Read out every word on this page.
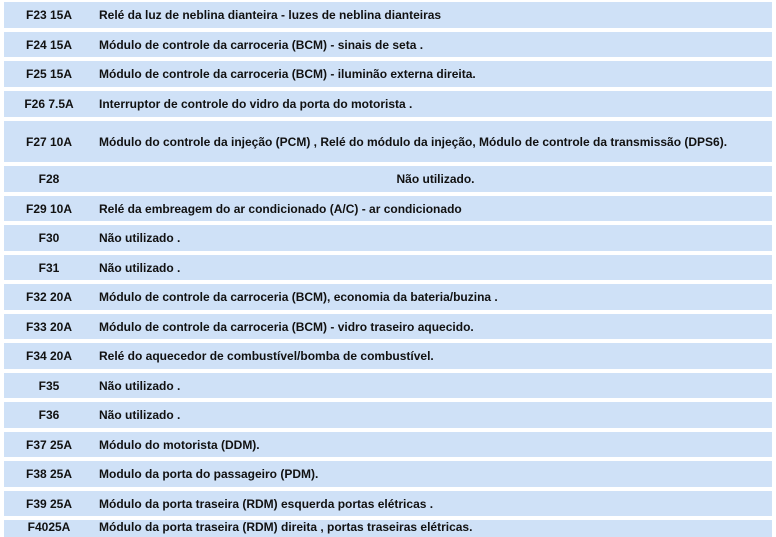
F23 15A	Relé da luz de neblina dianteira - luzes de neblina dianteiras
F24 15A	Módulo de controle da carroceria (BCM) - sinais de seta .
F25 15A	Módulo de controle da carroceria (BCM) - iluminão externa direita.
F26 7.5A	Interruptor de controle do vidro da porta do motorista .
F27 10A	Módulo do controle da injeção (PCM) , Relé do módulo da injeção, Módulo de controle da transmissão (DPS6).
F28	Não utilizado.
F29 10A	Relé da embreagem do ar condicionado (A/C) - ar condicionado
F30	Não utilizado .
F31	Não utilizado .
F32 20A	Módulo de controle da carroceria (BCM), economia da bateria/buzina .
F33 20A	Módulo de controle da carroceria (BCM) - vidro traseiro aquecido.
F34 20A	Relé do aquecedor de combustível/bomba de combustível.
F35	Não utilizado .
F36	Não utilizado .
F37 25A	Módulo do motorista (DDM).
F38 25A	Modulo da porta do passageiro (PDM).
F39 25A	Módulo da porta traseira (RDM) esquerda portas elétricas .
F4025A	Módulo da porta traseira (RDM) direita , portas traseiras elétricas.
